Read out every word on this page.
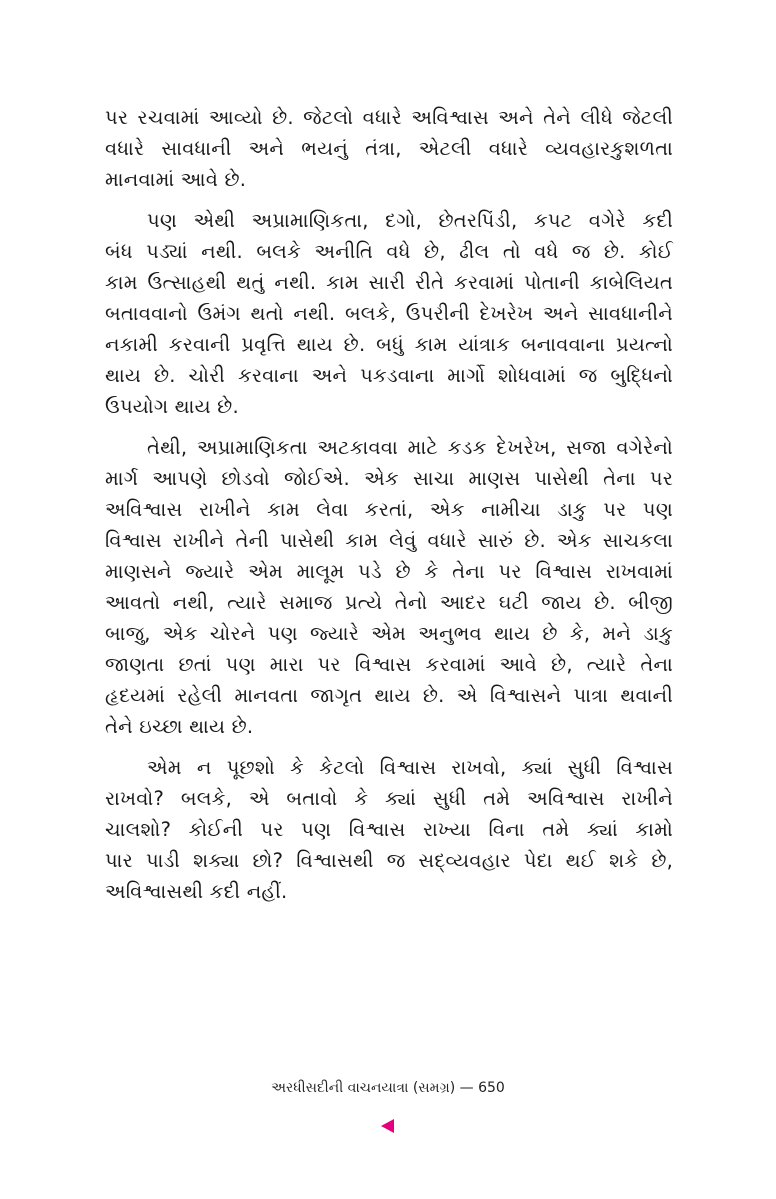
પર રચવામાં આવ્યો છે. જેટલો વધારે અવિશ્વાસ અને તેને લીધે જેટલી
વધારે સાવધાની અને ભયનું તંત્રા, એટલી વધારે વ્યવહારકુશળતા
માનવામાં આવે છે.
પણ એથી અપ્રામાણિકતા, દગો, છેતરપિંડી, કપટ વગેરે કદી
બંધ પડ્યાં નથી. બલકે અનીતિ વધે છે, ઢીલ તો વધે જ છે. કોઈ
કામ ઉત્સાહથી થતું નથી. કામ સારી રીતે કરવામાં પોતાની કાબેલિયત
બતાવવાનો ઉમંગ થતો નથી. બલકે, ઉપરીની દેખરેખ અને સાવધાનીને
નકામી કરવાની પ્રવૃત્તિ થાય છે. બધું કામ યાંત્રાક બનાવવાના પ્રયત્નો
થાય છે. ચોરી કરવાના અને પકડવાના માર્ગો શોધવામાં જ બુદ્ધિનો
ઉપયોગ થાય છે.
તેથી, અપ્રામાણિકતા અટકાવવા માટે કડક દેખરેખ, સજા વગેરેનો
માર્ગ આપણે છોડવો જોઈએ. એક સાચા માણસ પાસેથી તેના પર
અવિશ્વાસ રાખીને કામ લેવા કરતાં, એક નામીચા ડાકુ પર પણ
વિશ્વાસ રાખીને તેની પાસેથી કામ લેવું વધારે સારું છે. એક સાચકલા
માણસને જ્યારે એમ માલૂમ પડે છે કે તેના પર વિશ્વાસ રાખવામાં
આવતો નથી, ત્યારે સમાજ પ્રત્યે તેનો આદર ઘટી જાય છે. બીજી
બાજુ, એક ચોરને પણ જ્યારે એમ અનુભવ થાય છે કે, મને ડાકુ
જાણતા છતાં પણ મારા પર વિશ્વાસ કરવામાં આવે છે, ત્યારે તેના
હૃદયમાં રહેલી માનવતા જાગૃત થાય છે. એ વિશ્વાસને પાત્રા થવાની
તેને ઇચ્છા થાય છે.
એમ ન પૂછશો કે કેટલો વિશ્વાસ રાખવો, ક્યાં સુધી વિશ્વાસ
રાખવો? બલકે, એ બતાવો કે ક્યાં સુધી તમે અવિશ્વાસ રાખીને
ચાલશો? કોઈની પર પણ વિશ્વાસ રાખ્યા વિના તમે ક્યાં કામો
પાર પાડી શક્યા છો? વિશ્વાસથી જ સદ્‌વ્યવહાર પેદા થઈ શકે છે,
અવિશ્વાસથી કદી નહીં.
અરધીસદીની વાચનયાત્રા (સમગ્ર) — 650
